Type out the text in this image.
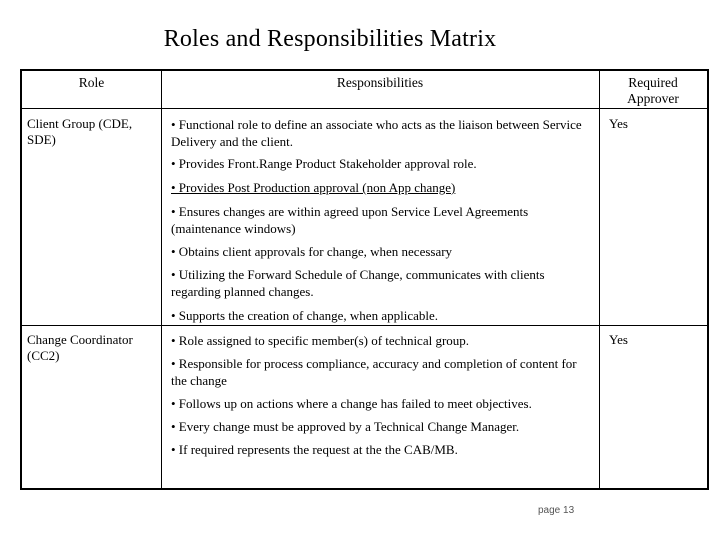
Roles and Responsibilities Matrix
Role	Responsibilities	Required
Approver
Client Group (CDE,
SDE)
• Functional role to define an associate who acts as the liaison between Service Delivery and the client.
• Provides Front.Range Product Stakeholder approval role.
• Provides Post Production approval (non App change)
• Ensures changes are within agreed upon Service Level Agreements (maintenance windows)
• Obtains client approvals for change, when necessary
• Utilizing the Forward Schedule of Change, communicates with clients regarding planned changes.
• Supports the creation of change, when applicable.
Yes
Change Coordinator
(CC2)
• Role assigned to specific member(s) of technical group.
• Responsible for process compliance, accuracy and completion of content for the change
• Follows up on actions where a change has failed to meet objectives.
• Every change must be approved by a Technical Change Manager.
• If required represents the request at the the CAB/MB.
Yes
page 13
